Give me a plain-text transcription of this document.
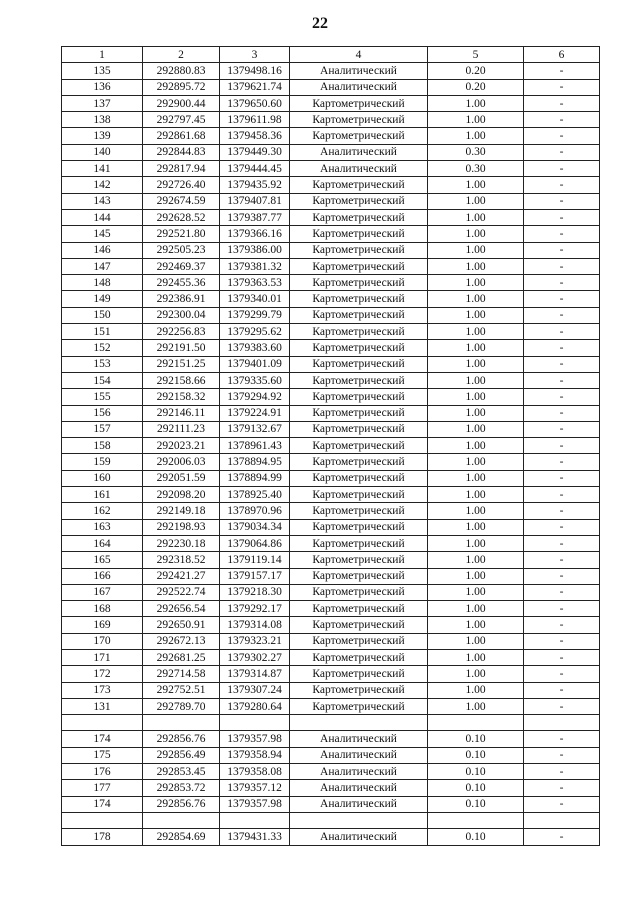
22
1	2	3	4	5	6
135	292880.83	1379498.16	Аналитический	0.20	-
136	292895.72	1379621.74	Аналитический	0.20	-
137	292900.44	1379650.60	Картометрический	1.00	-
138	292797.45	1379611.98	Картометрический	1.00	-
139	292861.68	1379458.36	Картометрический	1.00	-
140	292844.83	1379449.30	Аналитический	0.30	-
141	292817.94	1379444.45	Аналитический	0.30	-
142	292726.40	1379435.92	Картометрический	1.00	-
143	292674.59	1379407.81	Картометрический	1.00	-
144	292628.52	1379387.77	Картометрический	1.00	-
145	292521.80	1379366.16	Картометрический	1.00	-
146	292505.23	1379386.00	Картометрический	1.00	-
147	292469.37	1379381.32	Картометрический	1.00	-
148	292455.36	1379363.53	Картометрический	1.00	-
149	292386.91	1379340.01	Картометрический	1.00	-
150	292300.04	1379299.79	Картометрический	1.00	-
151	292256.83	1379295.62	Картометрический	1.00	-
152	292191.50	1379383.60	Картометрический	1.00	-
153	292151.25	1379401.09	Картометрический	1.00	-
154	292158.66	1379335.60	Картометрический	1.00	-
155	292158.32	1379294.92	Картометрический	1.00	-
156	292146.11	1379224.91	Картометрический	1.00	-
157	292111.23	1379132.67	Картометрический	1.00	-
158	292023.21	1378961.43	Картометрический	1.00	-
159	292006.03	1378894.95	Картометрический	1.00	-
160	292051.59	1378894.99	Картометрический	1.00	-
161	292098.20	1378925.40	Картометрический	1.00	-
162	292149.18	1378970.96	Картометрический	1.00	-
163	292198.93	1379034.34	Картометрический	1.00	-
164	292230.18	1379064.86	Картометрический	1.00	-
165	292318.52	1379119.14	Картометрический	1.00	-
166	292421.27	1379157.17	Картометрический	1.00	-
167	292522.74	1379218.30	Картометрический	1.00	-
168	292656.54	1379292.17	Картометрический	1.00	-
169	292650.91	1379314.08	Картометрический	1.00	-
170	292672.13	1379323.21	Картометрический	1.00	-
171	292681.25	1379302.27	Картометрический	1.00	-
172	292714.58	1379314.87	Картометрический	1.00	-
173	292752.51	1379307.24	Картометрический	1.00	-
131	292789.70	1379280.64	Картометрический	1.00	-

174	292856.76	1379357.98	Аналитический	0.10	-
175	292856.49	1379358.94	Аналитический	0.10	-
176	292853.45	1379358.08	Аналитический	0.10	-
177	292853.72	1379357.12	Аналитический	0.10	-
174	292856.76	1379357.98	Аналитический	0.10	-

178	292854.69	1379431.33	Аналитический	0.10	-
